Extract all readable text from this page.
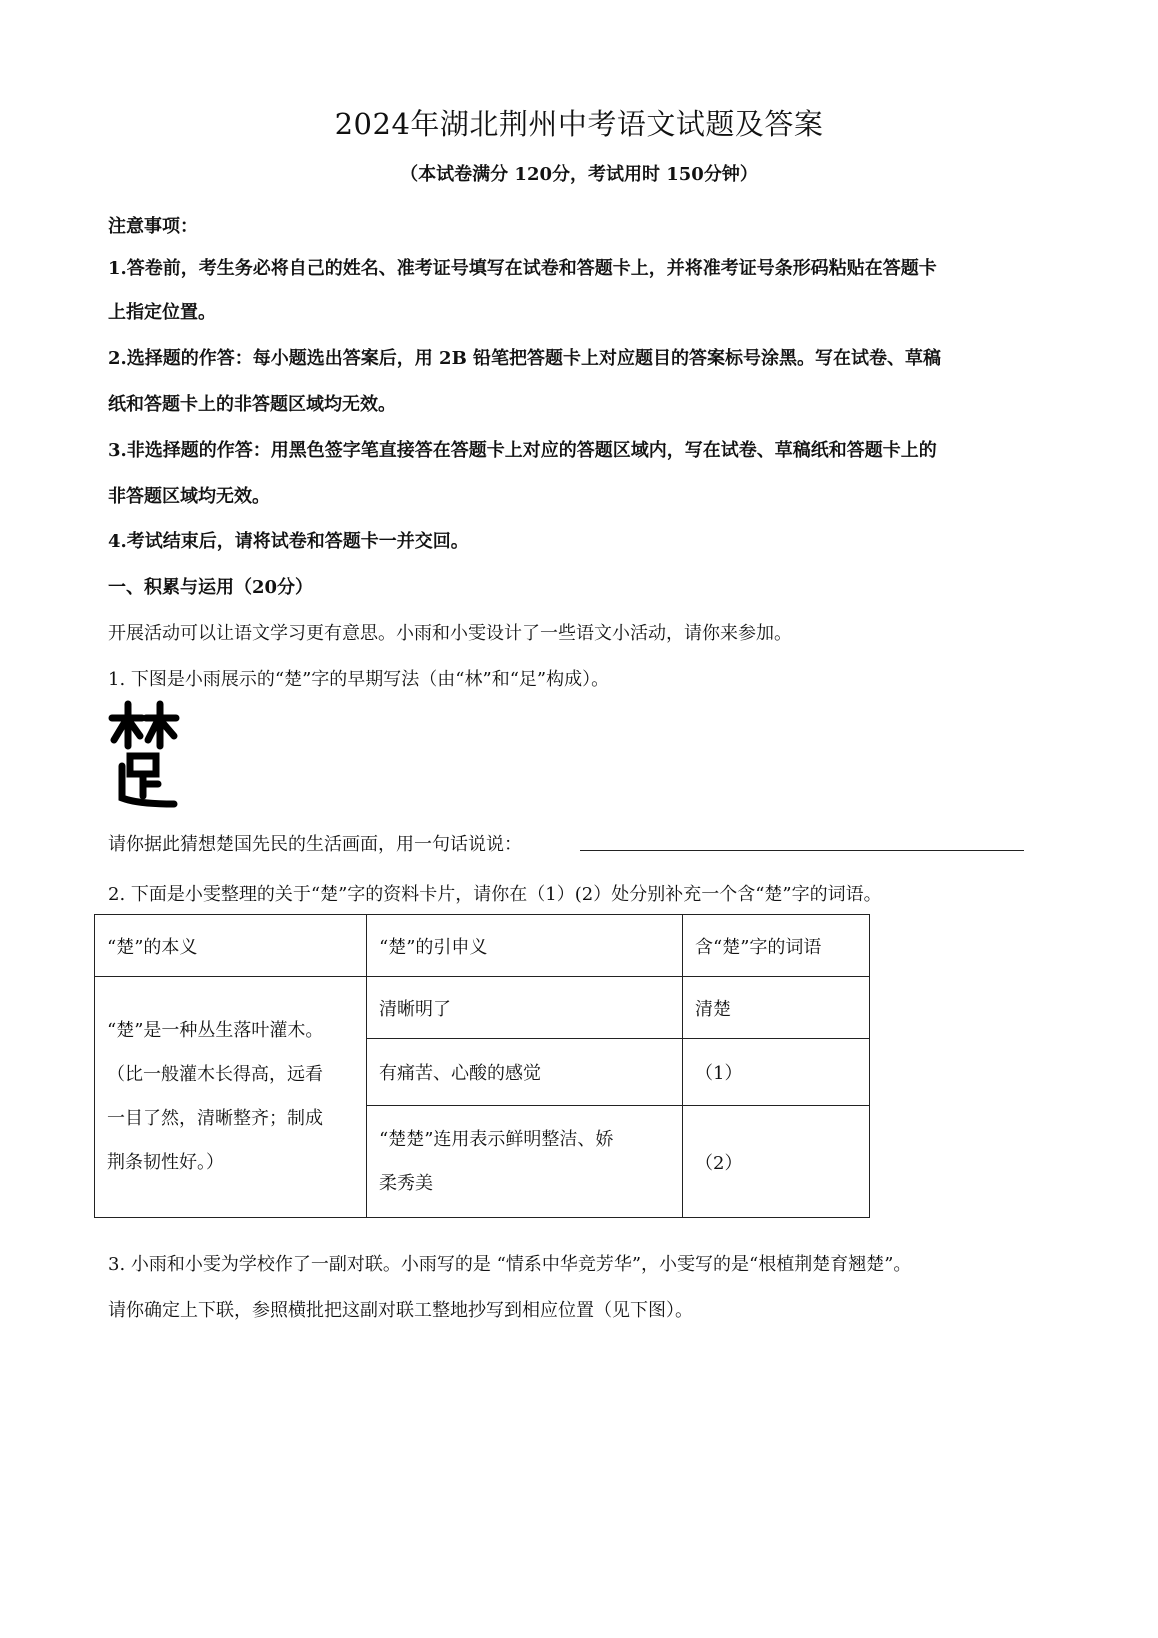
2024年湖北荆州中考语文试题及答案
（本试卷满分 120分，考试用时 150分钟）
注意事项：
1.答卷前，考生务必将自己的姓名、准考证号填写在试卷和答题卡上，并将准考证号条形码粘贴在答题卡
上指定位置。
2.选择题的作答：每小题选出答案后，用 2B 铅笔把答题卡上对应题目的答案标号涂黑。写在试卷、草稿
纸和答题卡上的非答题区域均无效。
3.非选择题的作答：用黑色签字笔直接答在答题卡上对应的答题区域内，写在试卷、草稿纸和答题卡上的
非答题区域均无效。
4.考试结束后，请将试卷和答题卡一并交回。
一、积累与运用（20分）
开展活动可以让语文学习更有意思。小雨和小雯设计了一些语文小活动，请你来参加。
1. 下图是小雨展示的“楚”字的早期写法（由“林”和“足”构成）。
请你据此猜想楚国先民的生活画面，用一句话说说：
2. 下面是小雯整理的关于“楚”字的资料卡片，请你在（1）(2）处分别补充一个含“楚”字的词语。
“楚”的本义	“楚”的引申义	含“楚”字的词语

“楚”是一种丛生落叶灌木。
（比一般灌木长得高，远看
一目了然，清晰整齐；制成
荆条韧性好。）	清晰明了	清楚
	有痛苦、心酸的感觉	（1）

	“楚楚”连用表示鲜明整洁、娇
柔秀美	（2）
3. 小雨和小雯为学校作了一副对联。小雨写的是 “情系中华竞芳华”，小雯写的是“根植荆楚育翘楚”。
请你确定上下联，参照横批把这副对联工整地抄写到相应位置（见下图）。
